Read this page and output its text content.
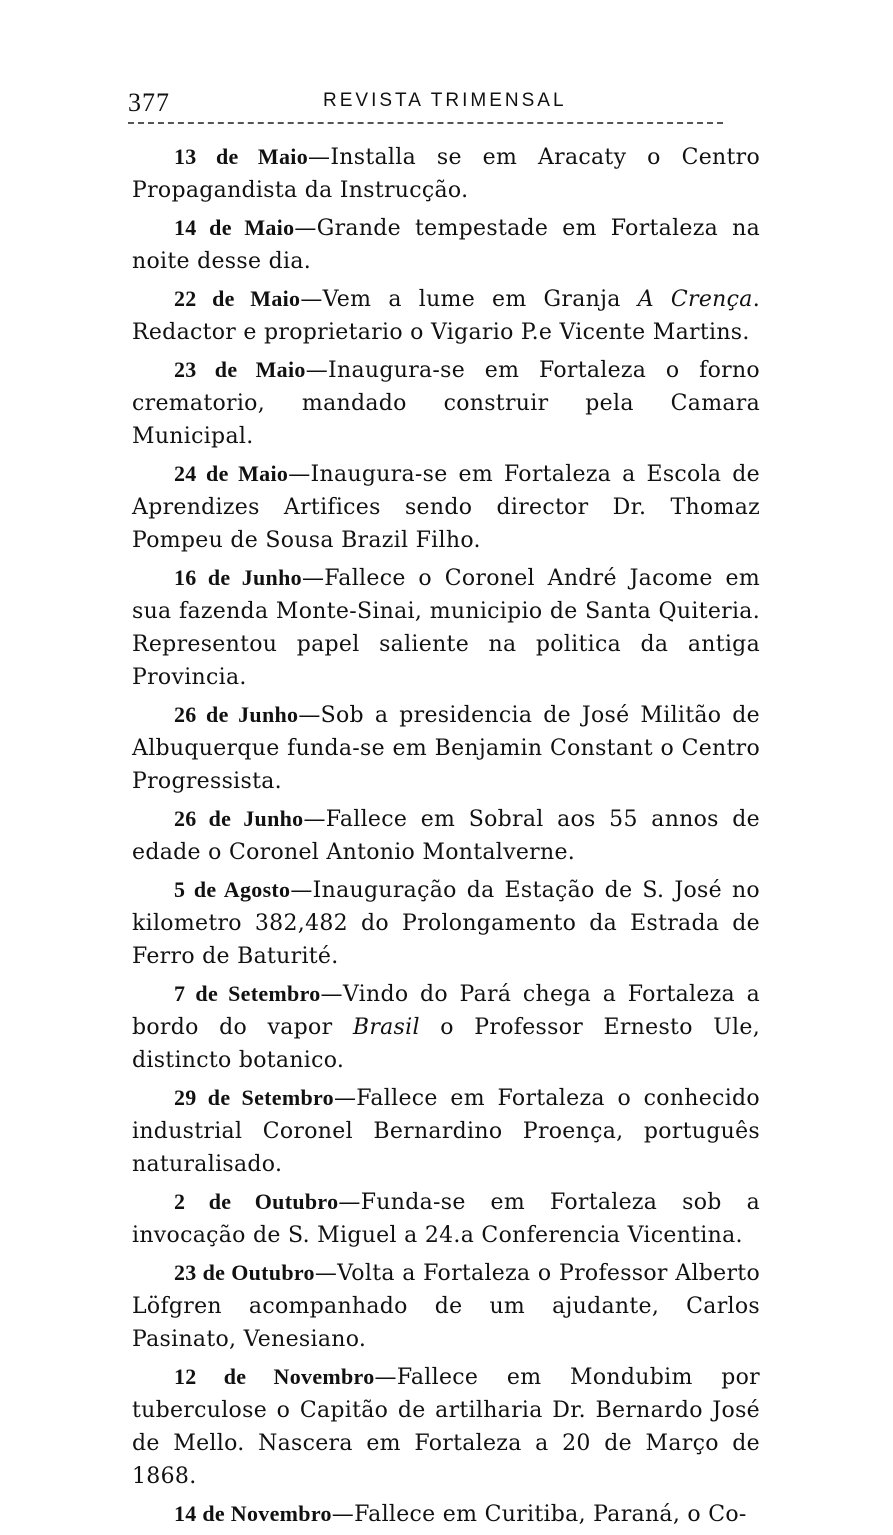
377	REVISTA TRIMENSAL

13 de Maio—Installa se em Aracaty o Centro Propagandista da Instrucção.

14 de Maio—Grande tempestade em Fortaleza na noite desse dia.

22 de Maio—Vem a lume em Granja A Crença. Redactor e proprietario o Vigario P.e Vicente Martins.

23 de Maio—Inaugura-se em Fortaleza o forno crematorio, mandado construir pela Camara Municipal.

24 de Maio—Inaugura-se em Fortaleza a Escola de Aprendizes Artifices sendo director Dr. Thomaz Pompeu de Sousa Brazil Filho.

16 de Junho—Fallece o Coronel André Jacome em sua fazenda Monte-Sinai, municipio de Santa Quiteria. Representou papel saliente na politica da antiga Provincia.

26 de Junho—Sob a presidencia de José Militão de Albuquerque funda-se em Benjamin Constant o Centro Progressista.

26 de Junho—Fallece em Sobral aos 55 annos de edade o Coronel Antonio Montalverne.

5 de Agosto—Inauguração da Estação de S. José no kilometro 382,482 do Prolongamento da Estrada de Ferro de Baturité.

7 de Setembro—Vindo do Pará chega a Fortaleza a bordo do vapor Brasil o Professor Ernesto Ule, distincto botanico.

29 de Setembro—Fallece em Fortaleza o conhecido industrial Coronel Bernardino Proença, português naturalisado.

2 de Outubro—Funda-se em Fortaleza sob a invocação de S. Miguel a 24.a Conferencia Vicentina.

23 de Outubro—Volta a Fortaleza o Professor Alberto Löfgren acompanhado de um ajudante, Carlos Pasinato, Venesiano.

12 de Novembro—Fallece em Mondubim por tuberculose o Capitão de artilharia Dr. Bernardo José de Mello. Nascera em Fortaleza a 20 de Março de 1868.

14 de Novembro—Fallece em Curitiba, Paraná, o Co-
